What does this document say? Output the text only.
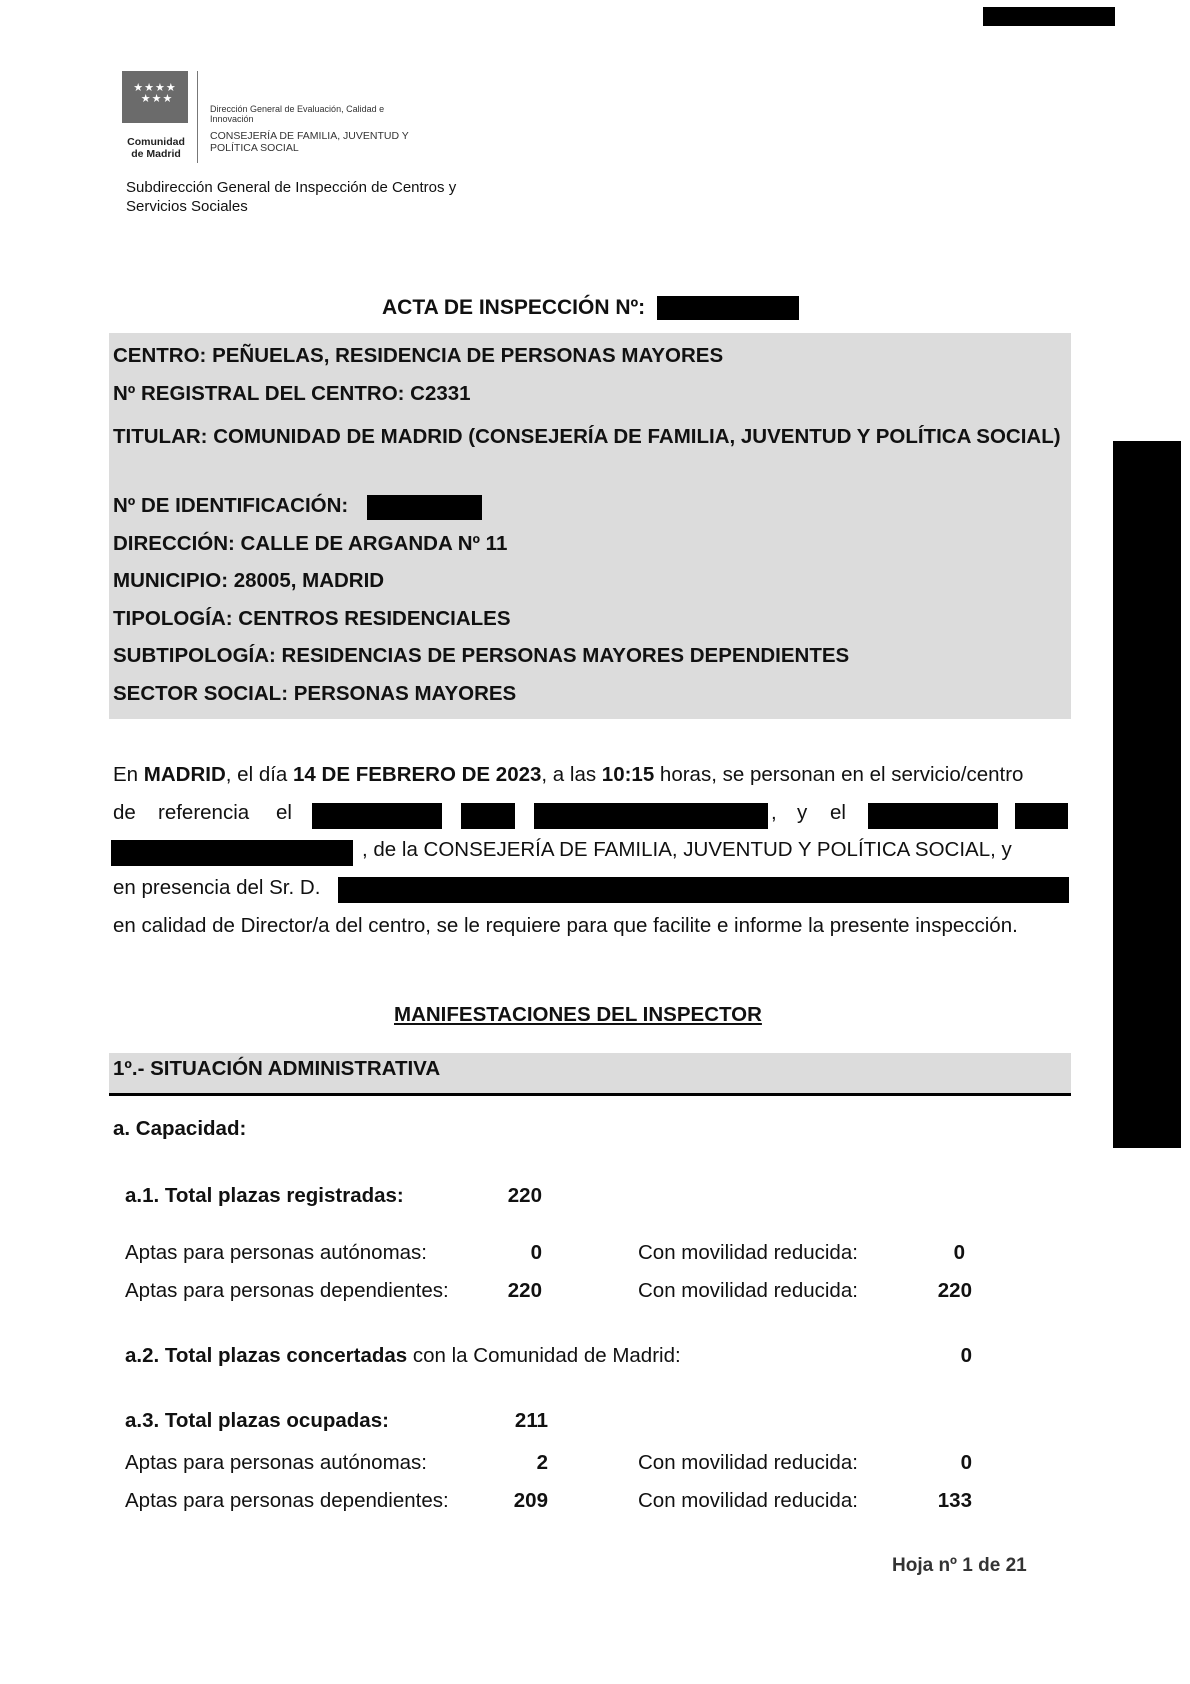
★★★★
★★★
Comunidad de Madrid
Dirección General de Evaluación, Calidad e Innovación
CONSEJERÍA DE FAMILIA, JUVENTUD Y POLÍTICA SOCIAL
Subdirección General de Inspección de Centros y Servicios Sociales
ACTA DE INSPECCIÓN Nº:
CENTRO: PEÑUELAS, RESIDENCIA DE PERSONAS MAYORES
Nº REGISTRAL DEL CENTRO: C2331
TITULAR: COMUNIDAD DE MADRID (CONSEJERÍA DE FAMILIA, JUVENTUD Y POLÍTICA SOCIAL)
Nº DE IDENTIFICACIÓN:
DIRECCIÓN: CALLE DE ARGANDA Nº 11
MUNICIPIO: 28005, MADRID
TIPOLOGÍA: CENTROS RESIDENCIALES
SUBTIPOLOGÍA: RESIDENCIAS DE PERSONAS MAYORES DEPENDIENTES
SECTOR SOCIAL: PERSONAS MAYORES
En MADRID, el día 14 DE FEBRERO DE 2023, a las 10:15 horas, se personan en el servicio/centro
de referencia el	, y el
, de la CONSEJERÍA DE FAMILIA, JUVENTUD Y POLÍTICA SOCIAL, y
en presencia del Sr. D.
en calidad de Director/a del centro, se le requiere para que facilite e informe la presente inspección.
MANIFESTACIONES DEL INSPECTOR
1º.- SITUACIÓN ADMINISTRATIVA
a. Capacidad:
a.1. Total plazas registradas:	220
Aptas para personas autónomas:	0	Con movilidad reducida:	0
Aptas para personas dependientes:	220	Con movilidad reducida:	220
a.2. Total plazas concertadas con la Comunidad de Madrid:	0
a.3. Total plazas ocupadas:	211
Aptas para personas autónomas:	2	Con movilidad reducida:	0
Aptas para personas dependientes:	209	Con movilidad reducida:	133
Hoja nº 1 de 21
